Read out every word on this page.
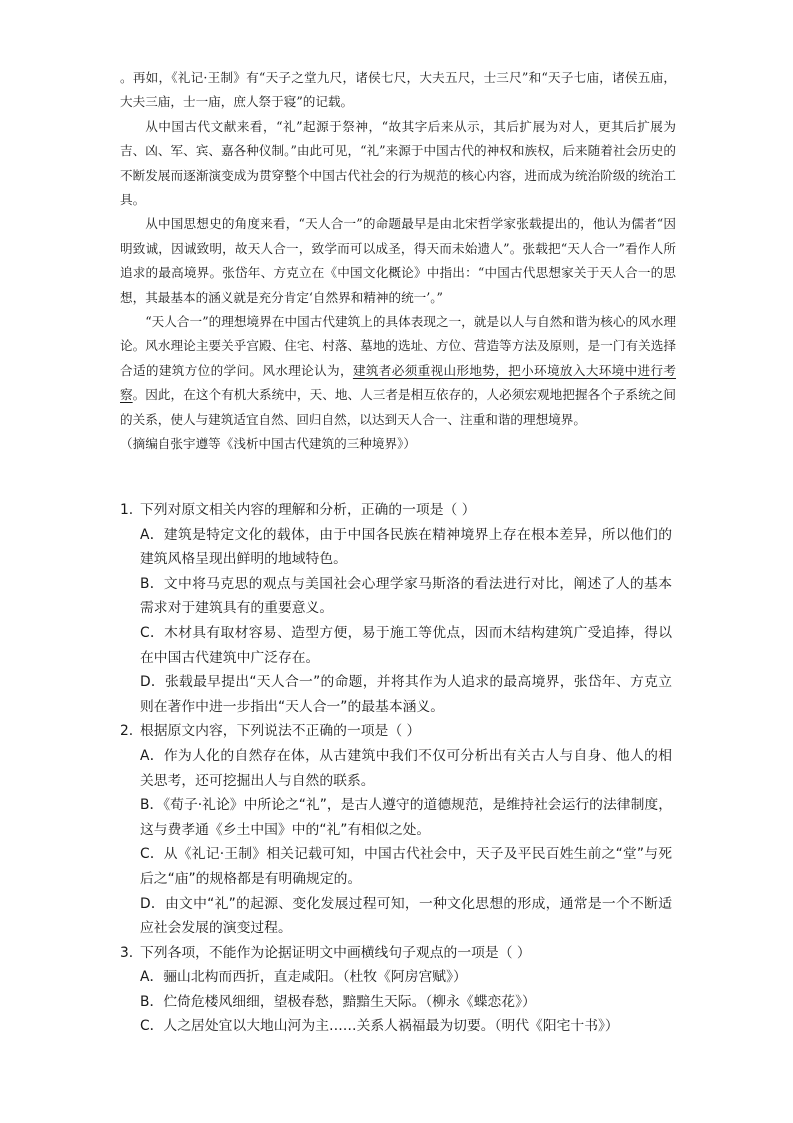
。再如，《礼记·王制》有“天子之堂九尺，诸侯七尺，大夫五尺，士三尺”和“天子七庙，诸侯五庙，大夫三庙，士一庙，庶人祭于寝”的记载。

从中国古代文献来看，“礼”起源于祭神，“故其字后来从示，其后扩展为对人，更其后扩展为吉、凶、军、宾、嘉各种仪制。”由此可见，“礼”来源于中国古代的神权和族权，后来随着社会历史的不断发展而逐渐演变成为贯穿整个中国古代社会的行为规范的核心内容，进而成为统治阶级的统治工具。

从中国思想史的角度来看，“天人合一”的命题最早是由北宋哲学家张载提出的，他认为儒者“因明致诚，因诚致明，故天人合一，致学而可以成圣，得天而未始遗人”。张载把“天人合一”看作人所追求的最高境界。张岱年、方克立在《中国文化概论》中指出：“中国古代思想家关于天人合一的思想，其最基本的涵义就是充分肯定‘自然界和精神的统一’。”

“天人合一”的理想境界在中国古代建筑上的具体表现之一，就是以人与自然和谐为核心的风水理论。风水理论主要关乎宫殿、住宅、村落、墓地的选址、方位、营造等方法及原则，是一门有关选择合适的建筑方位的学问。风水理论认为，建筑者必须重视山形地势，把小环境放入大环境中进行考察。因此，在这个有机大系统中，天、地、人三者是相互依存的，人必须宏观地把握各个子系统之间的关系，使人与建筑适宜自然、回归自然，以达到天人合一、注重和谐的理想境界。

（摘编自张宇遵等《浅析中国古代建筑的三种境界》）

1. 下列对原文相关内容的理解和分析，正确的一项是（ ）

A．建筑是特定文化的载体，由于中国各民族在精神境界上存在根本差异，所以他们的建筑风格呈现出鲜明的地域特色。

B．文中将马克思的观点与美国社会心理学家马斯洛的看法进行对比，阐述了人的基本需求对于建筑具有的重要意义。

C．木材具有取材容易、造型方便，易于施工等优点，因而木结构建筑广受追捧，得以在中国古代建筑中广泛存在。

D．张载最早提出“天人合一”的命题，并将其作为人追求的最高境界，张岱年、方克立则在著作中进一步指出“天人合一”的最基本涵义。

2. 根据原文内容，下列说法不正确的一项是（ ）

A．作为人化的自然存在体，从古建筑中我们不仅可分析出有关古人与自身、他人的相关思考，还可挖掘出人与自然的联系。

B．《荀子·礼论》中所论之“礼”，是古人遵守的道德规范，是维持社会运行的法律制度，这与费孝通《乡土中国》中的“礼”有相似之处。

C．从《礼记·王制》相关记载可知，中国古代社会中，天子及平民百姓生前之“堂”与死后之“庙”的规格都是有明确规定的。

D．由文中“礼”的起源、变化发展过程可知，一种文化思想的形成，通常是一个不断适应社会发展的演变过程。

3. 下列各项，不能作为论据证明文中画横线句子观点的一项是（ ）

A．骊山北构而西折，直走咸阳。（杜牧《阿房宫赋》）

B．伫倚危楼风细细，望极春愁，黯黯生天际。（柳永《蝶恋花》）

C．人之居处宜以大地山河为主……关系人祸福最为切要。（明代《阳宅十书》）
